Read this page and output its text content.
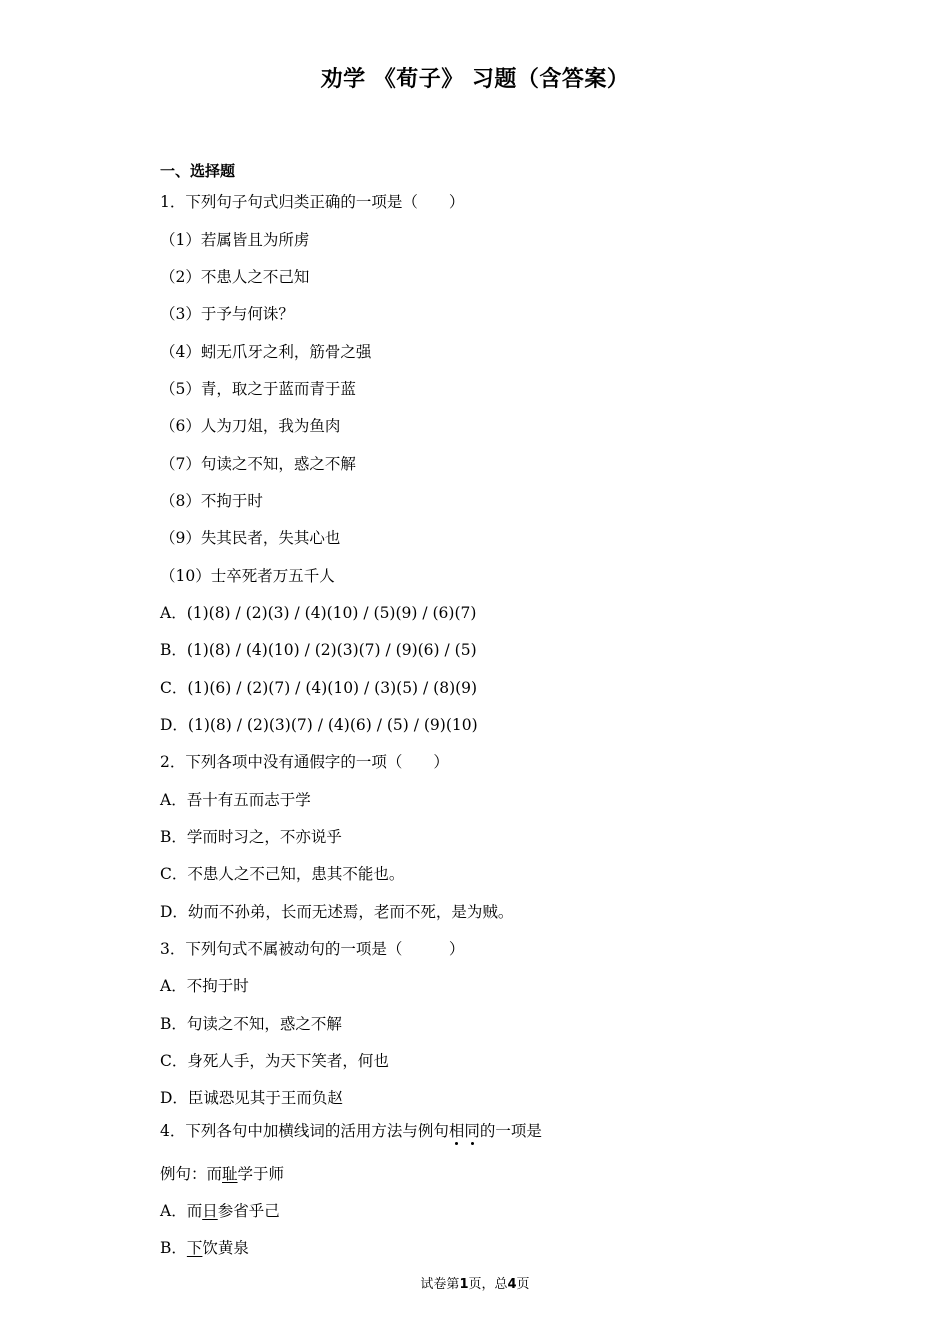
劝学 《荀子》 习题（含答案）
一、选择题
1．下列句子句式归类正确的一项是（　　）
（1）若属皆且为所虏
（2）不患人之不己知
（3）于予与何诛？
（4）蚓无爪牙之利，筋骨之强
（5）青，取之于蓝而青于蓝
（6）人为刀俎，我为鱼肉
（7）句读之不知，惑之不解
（8）不拘于时
（9）失其民者，失其心也
（10）士卒死者万五千人
A．(1)(8) / (2)(3) / (4)(10) / (5)(9) / (6)(7)
B．(1)(8) / (4)(10) / (2)(3)(7) / (9)(6) / (5)
C．(1)(6) / (2)(7) / (4)(10) / (3)(5) / (8)(9)
D．(1)(8) / (2)(3)(7) / (4)(6) / (5) / (9)(10)
2．下列各项中没有通假字的一项（　　）
A．吾十有五而志于学
B．学而时习之，不亦说乎
C．不患人之不己知，患其不能也。
D．幼而不孙弟，长而无述焉，老而不死，是为贼。
3．下列句式不属被动句的一项是（　　　）
A．不拘于时
B．句读之不知，惑之不解
C．身死人手，为天下笑者，何也
D．臣诚恐见其于王而负赵
4．下列各句中加横线词的活用方法与例句相同的一项是
例句：而耻学于师
A．而日参省乎己
B．下饮黄泉
试卷第1页，总4页
